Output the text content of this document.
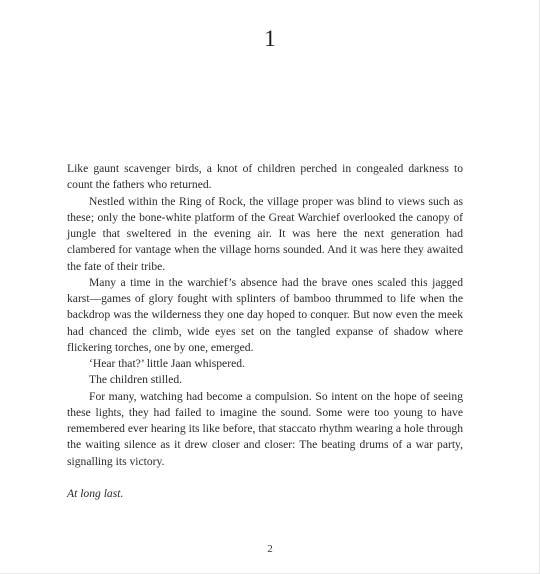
1

Like gaunt scavenger birds, a knot of children perched in congealed darkness to count the fathers who returned.

Nestled within the Ring of Rock, the village proper was blind to views such as these; only the bone-white platform of the Great Warchief overlooked the canopy of jungle that sweltered in the evening air. It was here the next generation had clambered for vantage when the village horns sounded. And it was here they awaited the fate of their tribe.

Many a time in the warchief’s absence had the brave ones scaled this jagged karst—games of glory fought with splinters of bamboo thrummed to life when the backdrop was the wilderness they one day hoped to conquer. But now even the meek had chanced the climb, wide eyes set on the tangled expanse of shadow where flickering torches, one by one, emerged.

‘Hear that?’ little Jaan whispered.

The children stilled.

For many, watching had become a compulsion. So intent on the hope of seeing these lights, they had failed to imagine the sound. Some were too young to have remembered ever hearing its like before, that staccato rhythm wearing a hole through the waiting silence as it drew closer and closer: The beating drums of a war party, signalling its victory.

At long last.

2
